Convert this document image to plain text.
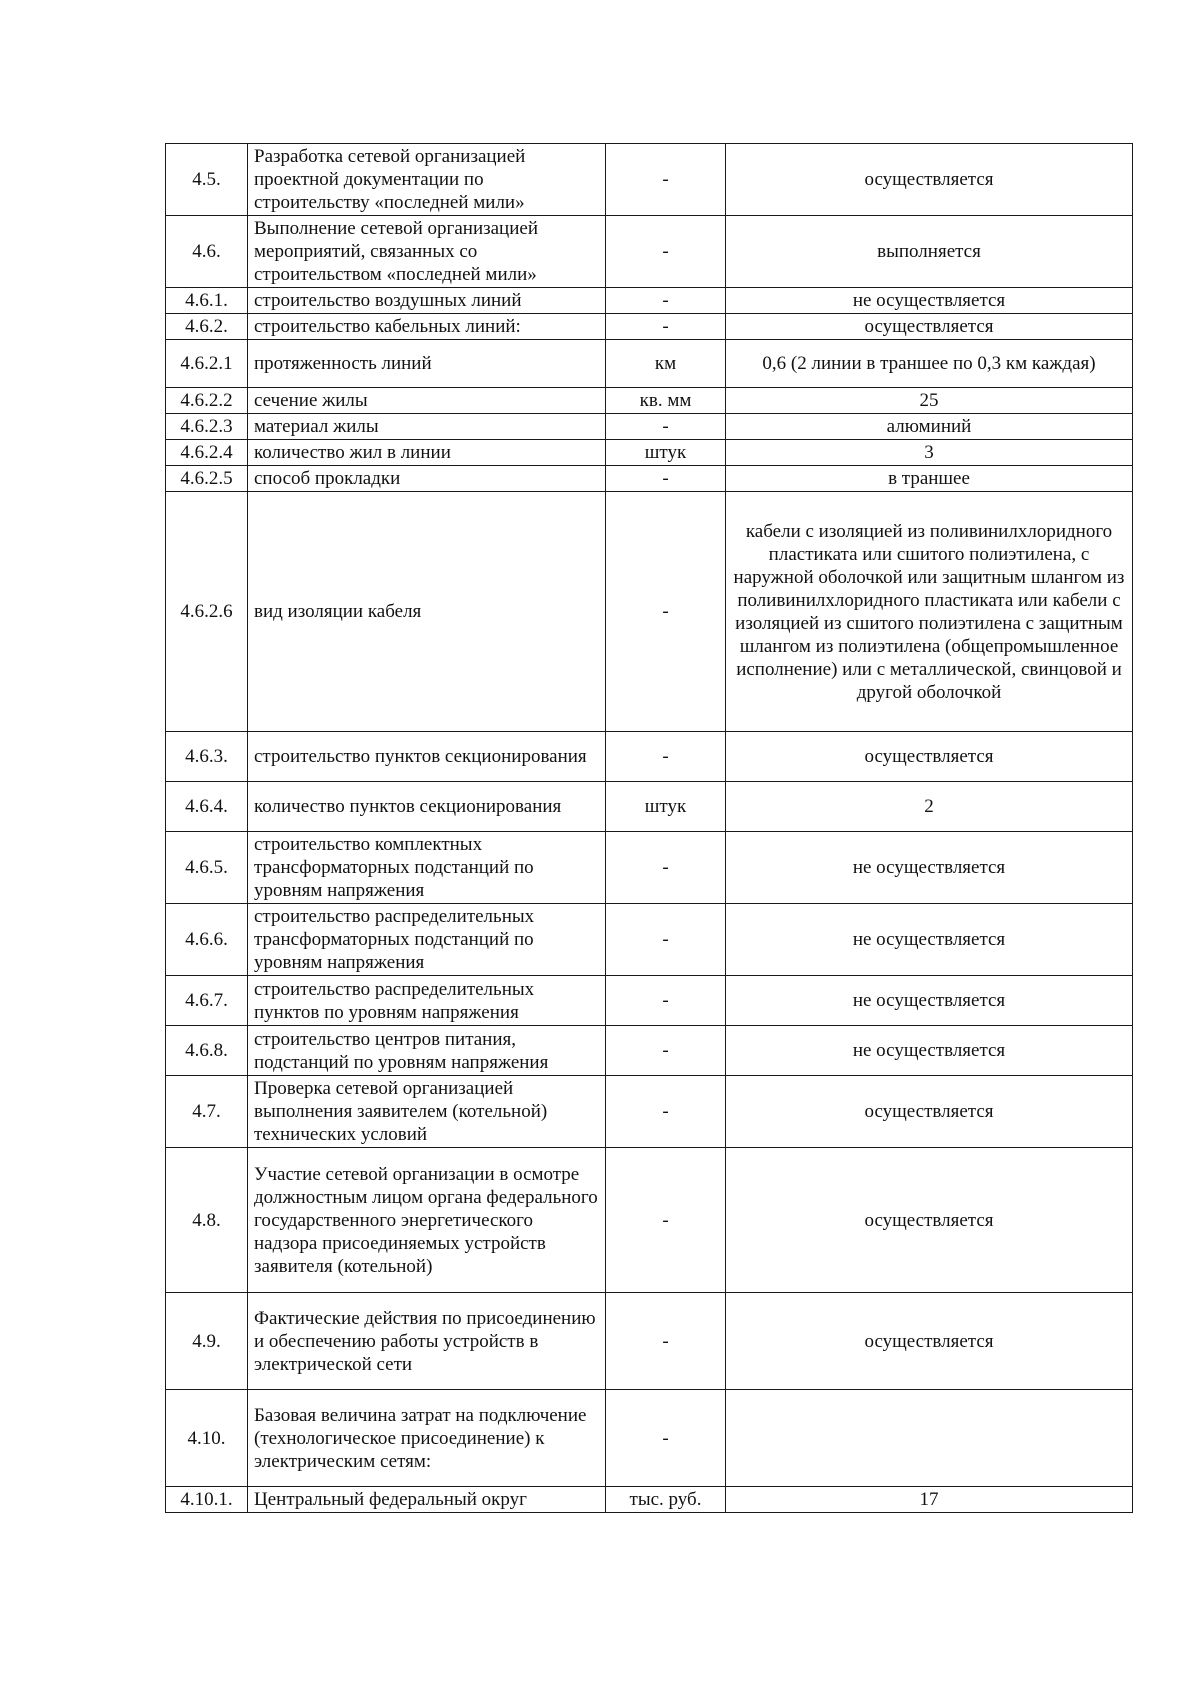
4.5.	Разработка сетевой организацией проектной документации по строительству «последней мили»	-	осуществляется
4.6.	Выполнение сетевой организацией мероприятий, связанных со строительством «последней мили»	-	выполняется
4.6.1.	строительство воздушных линий	-	не осуществляется
4.6.2.	строительство кабельных линий:	-	осуществляется
4.6.2.1	протяженность линий	км	0,6 (2 линии в траншее по 0,3 км каждая)
4.6.2.2	сечение жилы	кв. мм	25
4.6.2.3	материал жилы	-	алюминий
4.6.2.4	количество жил в линии	штук	3
4.6.2.5	способ прокладки	-	в траншее
4.6.2.6	вид изоляции кабеля	-	кабели с изоляцией из поливинилхлоридного пластиката или сшитого полиэтилена, с наружной оболочкой или защитным шлангом из поливинилхлоридного пластиката или кабели с изоляцией из сшитого полиэтилена с защитным шлангом из полиэтилена (общепромышленное исполнение) или с металлической, свинцовой и другой оболочкой
4.6.3.	строительство пунктов секционирования	-	осуществляется
4.6.4.	количество пунктов секционирования	штук	2
4.6.5.	строительство комплектных трансформаторных подстанций по уровням напряжения	-	не осуществляется
4.6.6.	строительство распределительных трансформаторных подстанций по уровням напряжения	-	не осуществляется
4.6.7.	строительство распределительных пунктов по уровням напряжения	-	не осуществляется
4.6.8.	строительство центров питания, подстанций по уровням напряжения	-	не осуществляется
4.7.	Проверка сетевой организацией выполнения заявителем (котельной) технических условий	-	осуществляется
4.8.	Участие сетевой организации в осмотре должностным лицом органа федерального государственного энергетического надзора присоединяемых устройств заявителя (котельной)	-	осуществляется
4.9.	Фактические действия по присоединению и обеспечению работы устройств в электрической сети	-	осуществляется
4.10.	Базовая величина затрат на подключение (технологическое присоединение) к электрическим сетям:	-	
4.10.1.	Центральный федеральный округ	тыс. руб.	17
